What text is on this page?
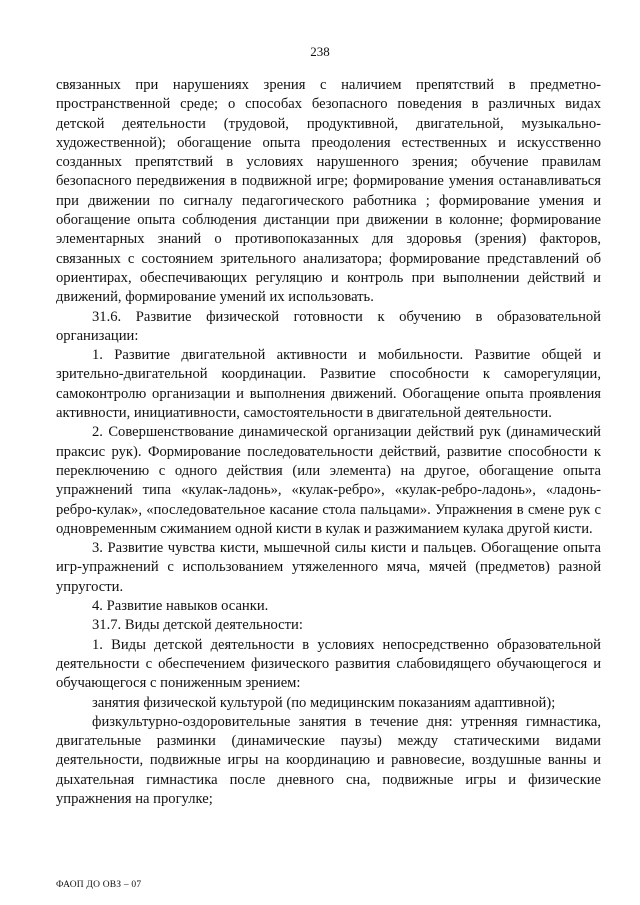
238

связанных при нарушениях зрения с наличием препятствий в предметно-пространственной среде; о способах безопасного поведения в различных видах детской деятельности (трудовой, продуктивной, двигательной, музыкально-художественной); обогащение опыта преодоления естественных и искусственно созданных препятствий в условиях нарушенного зрения; обучение правилам безопасного передвижения в подвижной игре; формирование умения останавливаться при движении по сигналу педагогического работника ; формирование умения и обогащение опыта соблюдения дистанции при движении в колонне; формирование элементарных знаний о противопоказанных для здоровья (зрения) факторов, связанных с состоянием зрительного анализатора; формирование представлений об ориентирах, обеспечивающих регуляцию и контроль при выполнении действий и движений, формирование умений их использовать.

31.6. Развитие физической готовности к обучению в образовательной организации:

1. Развитие двигательной активности и мобильности. Развитие общей и зрительно-двигательной координации. Развитие способности к саморегуляции, самоконтролю организации и выполнения движений. Обогащение опыта проявления активности, инициативности, самостоятельности в двигательной деятельности.

2. Совершенствование динамической организации действий рук (динамический праксис рук). Формирование последовательности действий, развитие способности к переключению с одного действия (или элемента) на другое, обогащение опыта упражнений типа «кулак-ладонь», «кулак-ребро», «кулак-ребро-ладонь», «ладонь-ребро-кулак», «последовательное касание стола пальцами». Упражнения в смене рук с одновременным сжиманием одной кисти в кулак и разжиманием кулака другой кисти.

3. Развитие чувства кисти, мышечной силы кисти и пальцев. Обогащение опыта игр-упражнений с использованием утяжеленного мяча, мячей (предметов) разной упругости.

4. Развитие навыков осанки.

31.7. Виды детской деятельности:

1. Виды детской деятельности в условиях непосредственно образовательной деятельности с обеспечением физического развития слабовидящего обучающегося и обучающегося с пониженным зрением:

занятия физической культурой (по медицинским показаниям адаптивной);

физкультурно-оздоровительные занятия в течение дня: утренняя гимнастика, двигательные разминки (динамические паузы) между статическими видами деятельности, подвижные игры на координацию и равновесие, воздушные ванны и дыхательная гимнастика после дневного сна, подвижные игры и физические упражнения на прогулке;

ФАОП ДО ОВЗ – 07
